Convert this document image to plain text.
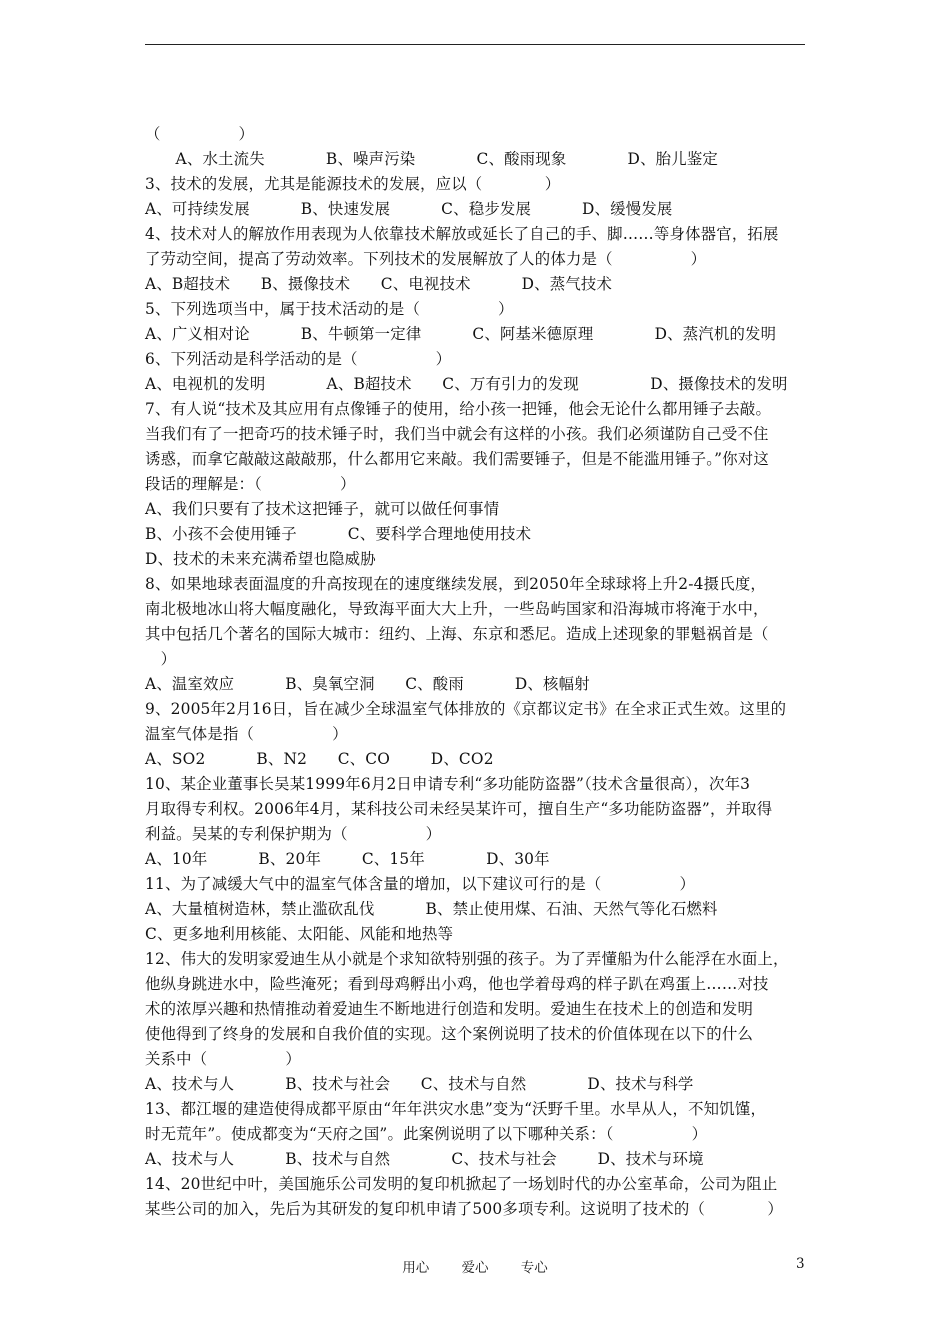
（　　　　　）
A、水土流失            B、噪声污染            C、酸雨现象            D、胎儿鉴定
3、技术的发展，尤其是能源技术的发展，应以（　　　　）
A、可持续发展          B、快速发展          C、稳步发展          D、缓慢发展
4、技术对人的解放作用表现为人依靠技术解放或延长了自己的手、脚……等身体器官，拓展
了劳动空间，提高了劳动效率。下列技术的发展解放了人的体力是（　　　　　）
A、B超技术      B、摄像技术      C、电视技术          D、蒸气技术
5、下列选项当中，属于技术活动的是（　　　　　）
A、广义相对论          B、牛顿第一定律          C、阿基米德原理            D、蒸汽机的发明
6、下列活动是科学活动的是（　　　　　）
A、电视机的发明            A、B超技术      C、万有引力的发现              D、摄像技术的发明
7、有人说“技术及其应用有点像锤子的使用，给小孩一把锤，他会无论什么都用锤子去敲。
当我们有了一把奇巧的技术锤子时，我们当中就会有这样的小孩。我们必须谨防自己受不住
诱惑，而拿它敲敲这敲敲那，什么都用它来敲。我们需要锤子，但是不能滥用锤子。”你对这
段话的理解是：（　　　　　）
A、我们只要有了技术这把锤子，就可以做任何事情
B、小孩不会使用锤子          C、要科学合理地使用技术
D、技术的未来充满希望也隐威胁
8、如果地球表面温度的升高按现在的速度继续发展，到2050年全球球将上升2-4摄氏度，
南北极地冰山将大幅度融化，导致海平面大大上升，一些岛屿国家和沿海城市将淹于水中，
其中包括几个著名的国际大城市：纽约、上海、东京和悉尼。造成上述现象的罪魁祸首是（
　）
A、温室效应          B、臭氧空洞      C、酸雨          D、核幅射
9、2005年2月16日，旨在减少全球温室气体排放的《京都议定书》在全求正式生效。这里的
温室气体是指（　　　　　）
A、SO2          B、N2      C、CO        D、CO2
10、某企业董事长吴某1999年6月2日申请专利“多功能防盗器”（技术含量很高），次年3
月取得专利权。2006年4月，某科技公司未经吴某许可，擅自生产“多功能防盗器”，并取得
利益。吴某的专利保护期为（　　　　　）
A、10年          B、20年        C、15年            D、30年
11、为了减缓大气中的温室气体含量的增加，以下建议可行的是（　　　　　）
A、大量植树造林，禁止滥砍乱伐          B、禁止使用煤、石油、天然气等化石燃料
C、更多地利用核能、太阳能、风能和地热等
12、伟大的发明家爱迪生从小就是个求知欲特别强的孩子。为了弄懂船为什么能浮在水面上，
他纵身跳进水中，险些淹死；看到母鸡孵出小鸡，他也学着母鸡的样子趴在鸡蛋上……对技
术的浓厚兴趣和热情推动着爱迪生不断地进行创造和发明。爱迪生在技术上的创造和发明
使他得到了终身的发展和自我价值的实现。这个案例说明了技术的价值体现在以下的什么
关系中（　　　　　）
A、技术与人          B、技术与社会      C、技术与自然            D、技术与科学
13、都江堰的建造使得成都平原由“年年洪灾水患”变为“沃野千里。水旱从人，不知饥馑，
时无荒年”。使成都变为“天府之国”。此案例说明了以下哪种关系：（　　　　　）
A、技术与人          B、技术与自然            C、技术与社会        D、技术与环境
14、20世纪中叶，美国施乐公司发明的复印机掀起了一场划时代的办公室革命，公司为阻止
某些公司的加入，先后为其研发的复印机申请了500多项专利。这说明了技术的（　　　　）
用心 爱心 专心	3
